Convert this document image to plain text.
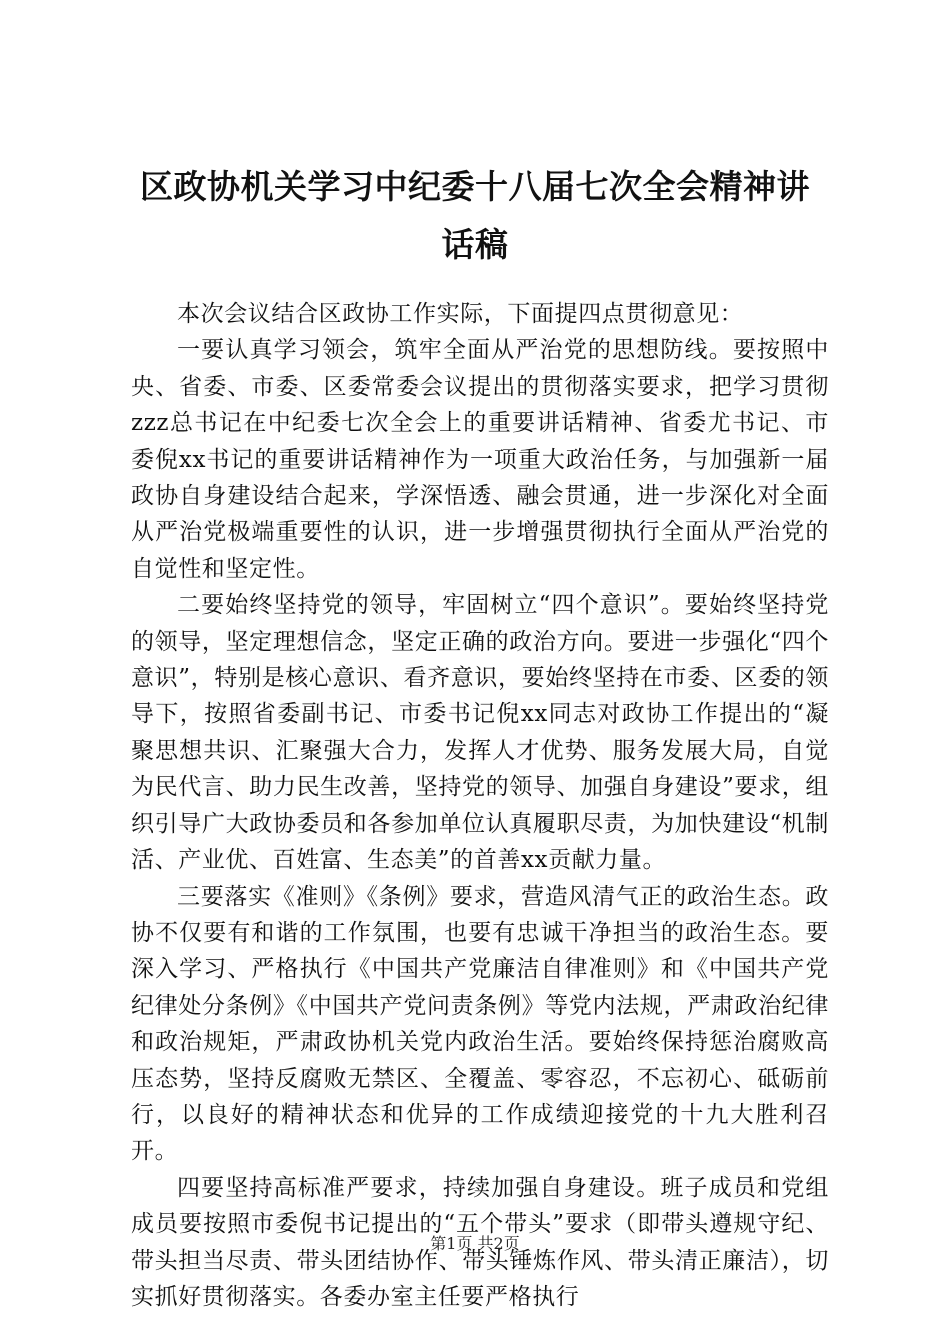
区政协机关学习中纪委十八届七次全会精神讲话稿

本次会议结合区政协工作实际，下面提四点贯彻意见：

一要认真学习领会，筑牢全面从严治党的思想防线。要按照中央、省委、市委、区委常委会议提出的贯彻落实要求，把学习贯彻zzz总书记在中纪委七次全会上的重要讲话精神、省委尤书记、市委倪xx书记的重要讲话精神作为一项重大政治任务，与加强新一届政协自身建设结合起来，学深悟透、融会贯通，进一步深化对全面从严治党极端重要性的认识，进一步增强贯彻执行全面从严治党的自觉性和坚定性。

二要始终坚持党的领导，牢固树立“四个意识”。要始终坚持党的领导，坚定理想信念，坚定正确的政治方向。要进一步强化“四个意识”，特别是核心意识、看齐意识，要始终坚持在市委、区委的领导下，按照省委副书记、市委书记倪xx同志对政协工作提出的“凝聚思想共识、汇聚强大合力，发挥人才优势、服务发展大局，自觉为民代言、助力民生改善，坚持党的领导、加强自身建设”要求，组织引导广大政协委员和各参加单位认真履职尽责，为加快建设“机制活、产业优、百姓富、生态美”的首善xx贡献力量。

三要落实《准则》《条例》要求，营造风清气正的政治生态。政协不仅要有和谐的工作氛围，也要有忠诚干净担当的政治生态。要深入学习、严格执行《中国共产党廉洁自律准则》和《中国共产党纪律处分条例》《中国共产党问责条例》等党内法规，严肃政治纪律和政治规矩，严肃政协机关党内政治生活。要始终保持惩治腐败高压态势，坚持反腐败无禁区、全覆盖、零容忍，不忘初心、砥砺前行，以良好的精神状态和优异的工作成绩迎接党的十九大胜利召开。

四要坚持高标准严要求，持续加强自身建设。班子成员和党组成员要按照市委倪书记提出的“五个带头”要求（即带头遵规守纪、带头担当尽责、带头团结协作、带头锤炼作风、带头清正廉洁），切实抓好贯彻落实。各委办室主任要严格执行

第1页 共2页
